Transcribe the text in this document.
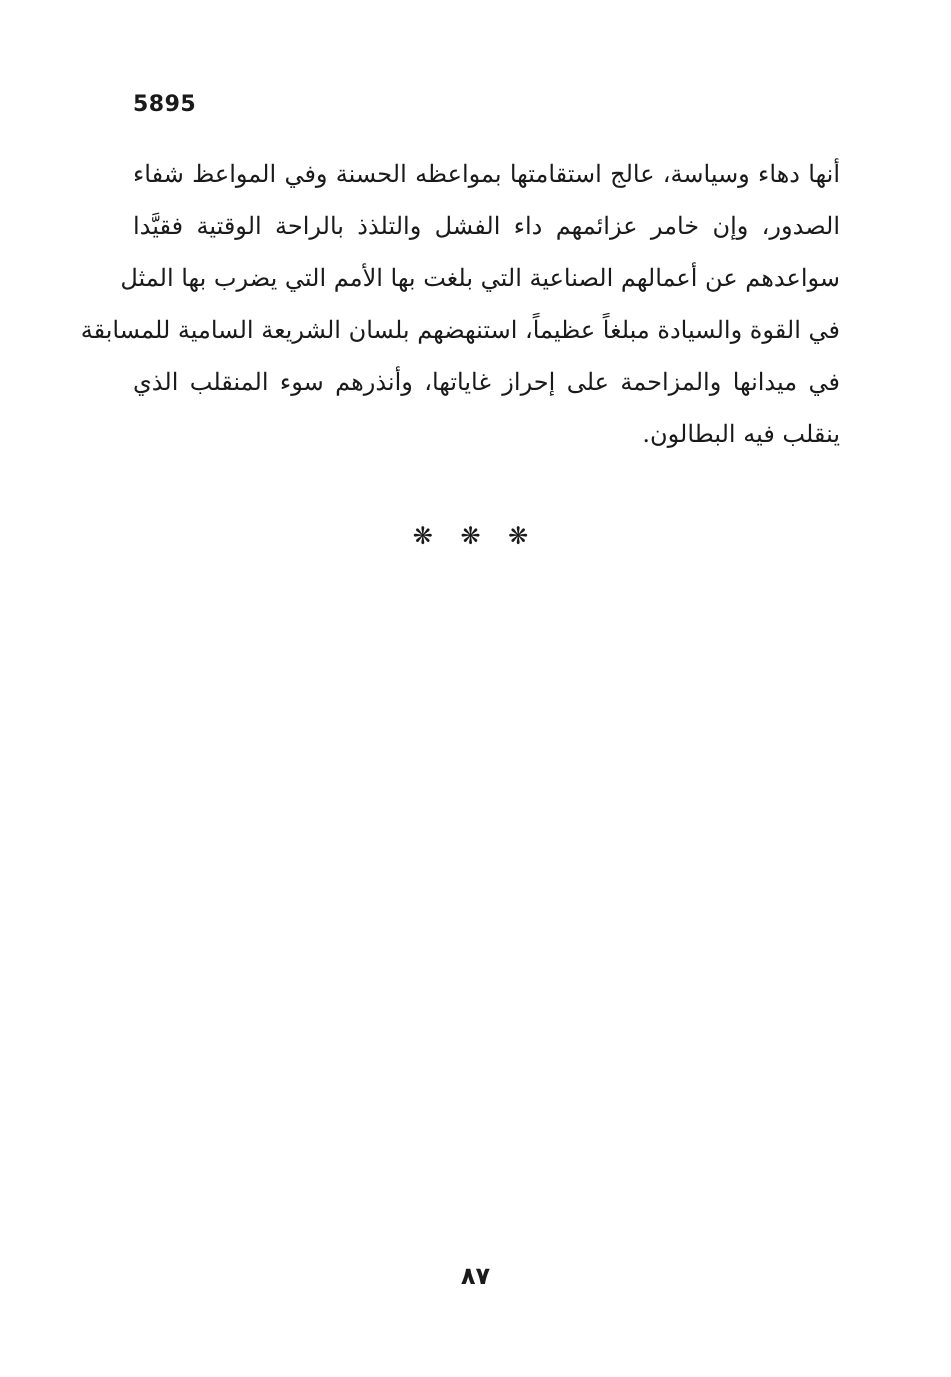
5895
أنها دهاء وسياسة، عالج استقامتها بمواعظه الحسنة وفي المواعظ شفاء
الصدور، وإن خامر عزائمهم داء الفشل والتلذذ بالراحة الوقتية فقيَّدا
سواعدهم عن أعمالهم الصناعية التي بلغت بها الأمم التي يضرب بها المثل
في القوة والسيادة مبلغاً عظيماً، استنهضهم بلسان الشريعة السامية للمسابقة
في ميدانها والمزاحمة على إحراز غاياتها، وأنذرهم سوء المنقلب الذي
ينقلب فيه البطالون.
❋ ❋ ❋
٨٧
